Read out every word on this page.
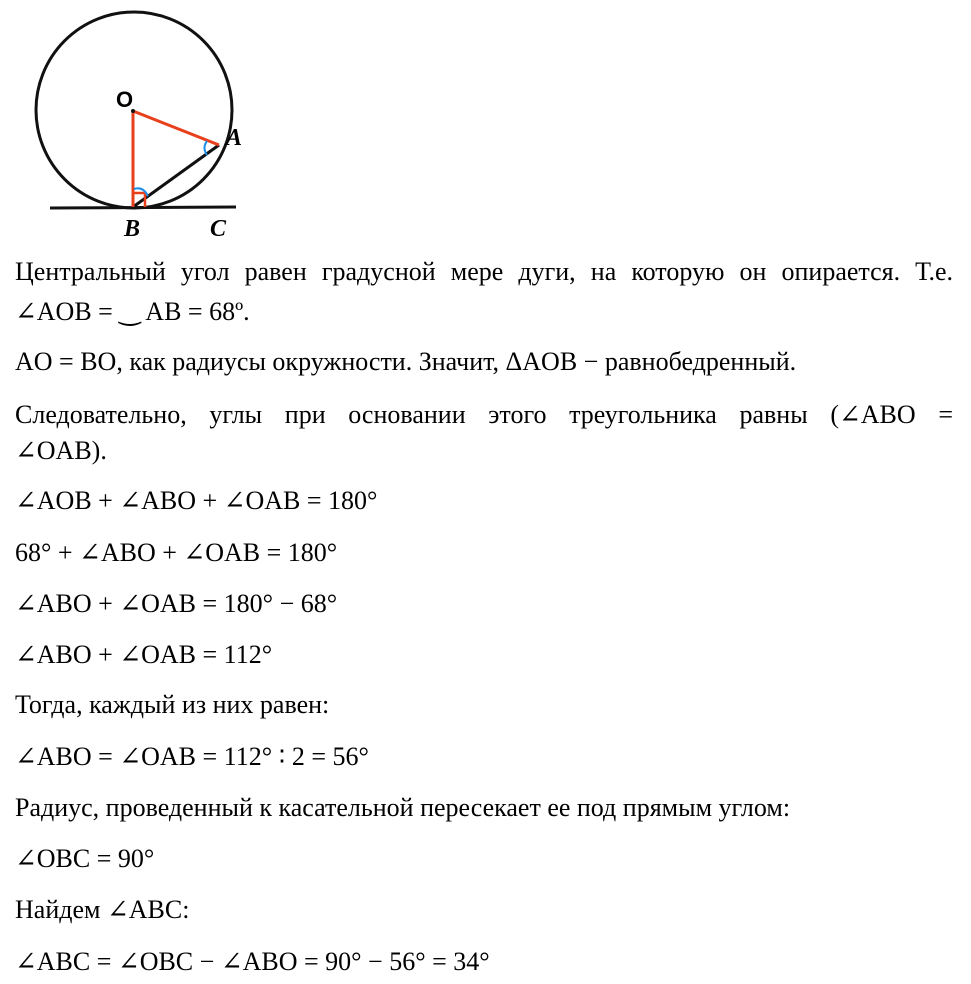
O
A
B	C
Центральный угол равен градусной мере дуги, на которую он опирается. Т.е.
∠AOB = ‿ AB = 68º.
AO = BO, как радиусы окружности. Значит, ΔAOB − равнобедренный.
Следовательно, углы при основании этого треугольника равны (∠ABO =
∠OAB).
∠AOB + ∠ABO + ∠OAB = 180°
68° + ∠ABO + ∠OAB = 180°
∠ABO + ∠OAB = 180° − 68°
∠ABO + ∠OAB = 112°
Тогда, каждый из них равен:
∠ABO = ∠OAB = 112° ∶ 2 = 56°
Радиус, проведенный к касательной пересекает ее под прямым углом:
∠OBC = 90°
Найдем ∠ABC:
∠ABC = ∠OBC − ∠ABO = 90° − 56° = 34°
